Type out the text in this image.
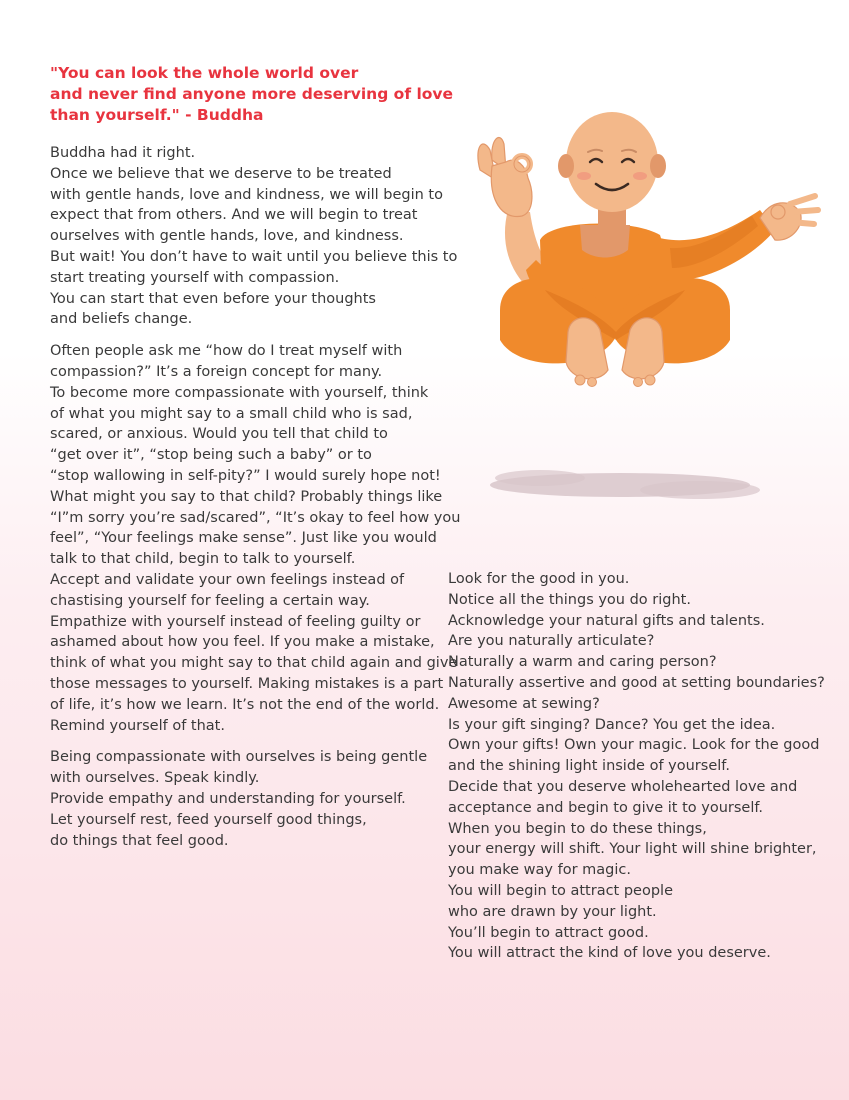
"You can look the whole world over
and never find anyone more deserving of love
than yourself." - Buddha
Buddha had it right.
Once we believe that we deserve to be treated
with gentle hands, love and kindness, we will begin to
expect that from others. And we will begin to treat
ourselves with gentle hands, love, and kindness.
But wait! You don’t have to wait until you believe this to
start treating yourself with compassion.
You can start that even before your thoughts
and beliefs change.
Often people ask me “how do I treat myself with
compassion?” It’s a foreign concept for many.
To become more compassionate with yourself, think
of what you might say to a small child who is sad,
scared, or anxious. Would you tell that child to
“get over it”, “stop being such a baby” or to
“stop wallowing in self-pity?” I would surely hope not!
What might you say to that child? Probably things like
“I”m sorry you’re sad/scared”, “It’s okay to feel how you
feel”, “Your feelings make sense”. Just like you would
talk to that child, begin to talk to yourself.
Accept and validate your own feelings instead of
chastising yourself for feeling a certain way.
Empathize with yourself instead of feeling guilty or
ashamed about how you feel. If you make a mistake,
think of what you might say to that child again and give
those messages to yourself. Making mistakes is a part
of life, it’s how we learn. It’s not the end of the world.
Remind yourself of that.
Being compassionate with ourselves is being gentle
with ourselves. Speak kindly.
Provide empathy and understanding for yourself.
Let yourself rest, feed yourself good things,
do things that feel good.
Look for the good in you.
Notice all the things you do right.
Acknowledge your natural gifts and talents.
Are you naturally articulate?
Naturally a warm and caring person?
Naturally assertive and good at setting boundaries?
Awesome at sewing?
Is your gift singing? Dance? You get the idea.
Own your gifts! Own your magic. Look for the good
and the shining light inside of yourself.
Decide that you deserve wholehearted love and
acceptance and begin to give it to yourself.
When you begin to do these things,
your energy will shift. Your light will shine brighter,
you make way for magic.
You will begin to attract people
who are drawn by your light.
You’ll begin to attract good.
You will attract the kind of love you deserve.
